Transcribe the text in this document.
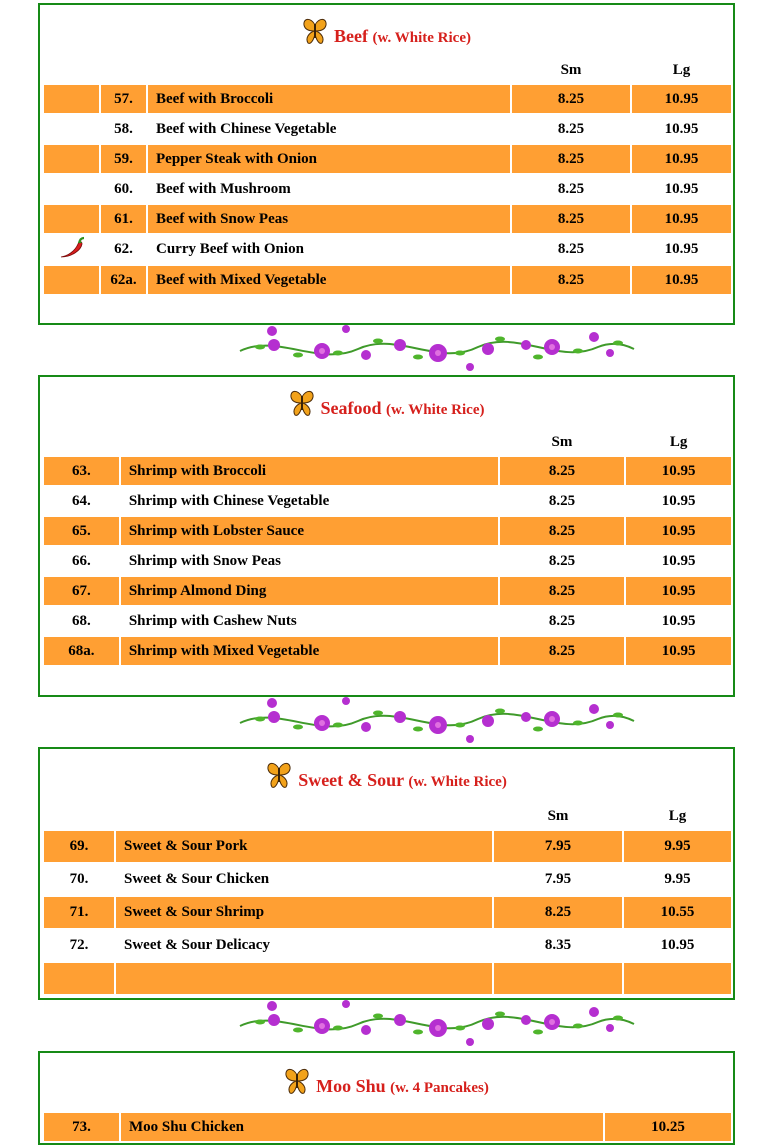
Beef (w. White Rice)
			Sm	Lg
	57.	Beef with Broccoli	8.25	10.95
	58.	Beef with Chinese Vegetable	8.25	10.95
	59.	Pepper Steak with Onion	8.25	10.95
	60.	Beef with Mushroom	8.25	10.95
	61.	Beef with Snow Peas	8.25	10.95
	62.	Curry Beef with Onion	8.25	10.95
	62a.	Beef with Mixed Vegetable	8.25	10.95
Seafood (w. White Rice)
		Sm	Lg
63.	Shrimp with Broccoli	8.25	10.95
64.	Shrimp with Chinese Vegetable	8.25	10.95
65.	Shrimp with Lobster Sauce	8.25	10.95
66.	Shrimp with Snow Peas	8.25	10.95
67.	Shrimp Almond Ding	8.25	10.95
68.	Shrimp with Cashew Nuts	8.25	10.95
68a.	Shrimp with Mixed Vegetable	8.25	10.95
Sweet & Sour (w. White Rice)
		Sm	Lg
69.	Sweet & Sour Pork	7.95	9.95
70.	Sweet & Sour Chicken	7.95	9.95
71.	Sweet & Sour Shrimp	8.25	10.55
72.	Sweet & Sour Delicacy	8.35	10.95

Moo Shu (w. 4 Pancakes)
73.	Moo Shu Chicken	10.25
